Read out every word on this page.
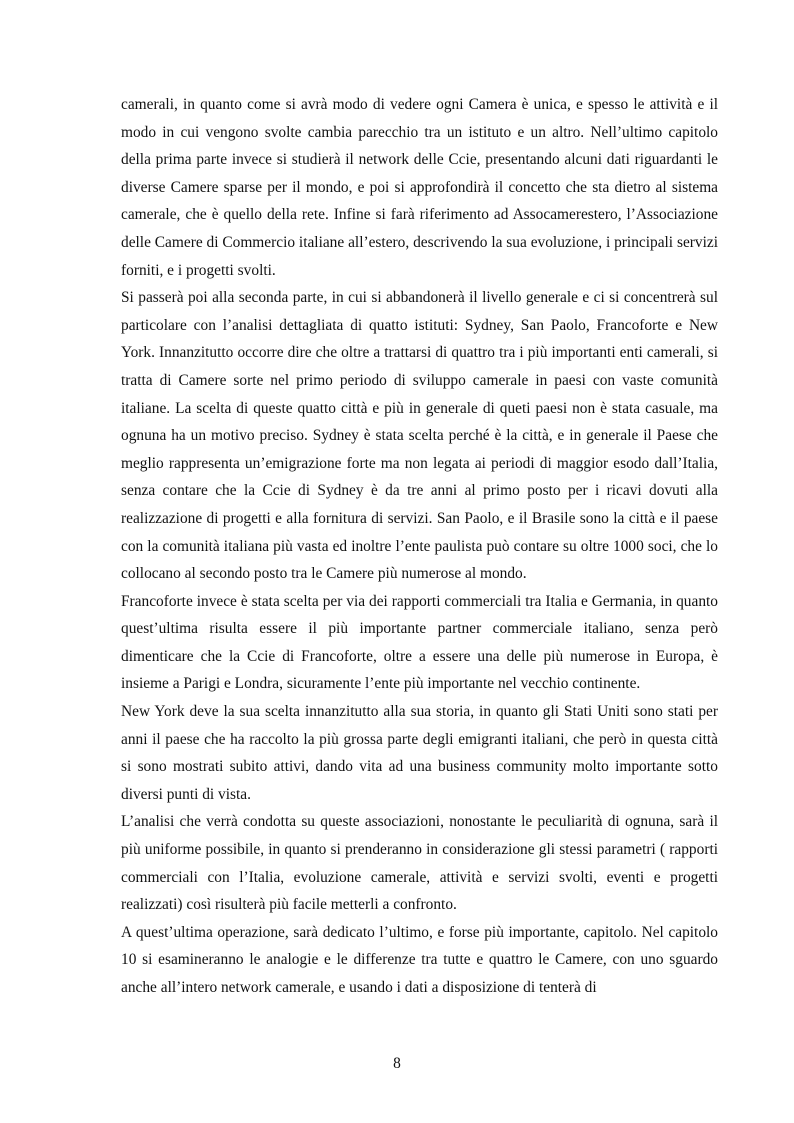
camerali, in quanto come si avrà modo di vedere ogni Camera è unica, e spesso le attività e il modo in cui vengono svolte cambia parecchio tra un istituto e un altro. Nell’ultimo capitolo della prima parte invece si studierà il network delle Ccie, presentando alcuni dati riguardanti le diverse Camere sparse per il mondo, e poi si approfondirà il concetto che sta dietro al sistema camerale, che è quello della rete. Infine si farà riferimento ad Assocamerestero, l’Associazione delle Camere di Commercio italiane all’estero, descrivendo la sua evoluzione, i principali servizi forniti, e i progetti svolti.

Si passerà poi alla seconda parte, in cui si abbandonerà il livello generale e ci si concentrerà sul particolare con l’analisi dettagliata di quatto istituti: Sydney, San Paolo, Francoforte e New York. Innanzitutto occorre dire che oltre a trattarsi di quattro tra i più importanti enti camerali, si tratta di Camere sorte nel primo periodo di sviluppo camerale in paesi con vaste comunità italiane. La scelta di queste quatto città e più in generale di queti paesi non è stata casuale, ma ognuna ha un motivo preciso. Sydney è stata scelta perché è la città, e in generale il Paese che meglio rappresenta un’emigrazione forte ma non legata ai periodi di maggior esodo dall’Italia, senza contare che la Ccie di Sydney è da tre anni al primo posto per i ricavi dovuti alla realizzazione di progetti e alla fornitura di servizi. San Paolo, e il Brasile sono la città e il paese con la comunità italiana più vasta ed inoltre l’ente paulista può contare su oltre 1000 soci, che lo collocano al secondo posto tra le Camere più numerose al mondo.

Francoforte invece è stata scelta per via dei rapporti commerciali tra Italia e Germania, in quanto quest’ultima risulta essere il più importante partner commerciale italiano, senza però dimenticare che la Ccie di Francoforte, oltre a essere una delle più numerose in Europa, è insieme a Parigi e Londra, sicuramente l’ente più importante nel vecchio continente.

New York deve la sua scelta innanzitutto alla sua storia, in quanto gli Stati Uniti sono stati per anni il paese che ha raccolto la più grossa parte degli emigranti italiani, che però in questa città si sono mostrati subito attivi, dando vita ad una business community molto importante sotto diversi punti di vista.

L’analisi che verrà condotta su queste associazioni, nonostante le peculiarità di ognuna, sarà il più uniforme possibile, in quanto si prenderanno in considerazione gli stessi parametri ( rapporti commerciali con l’Italia, evoluzione camerale, attività e servizi svolti, eventi e progetti realizzati) così risulterà più facile metterli a confronto.

A quest’ultima operazione, sarà dedicato l’ultimo, e forse più importante, capitolo. Nel capitolo 10 si esamineranno le analogie e le differenze tra tutte e quattro le Camere, con uno sguardo anche all’intero network camerale, e usando i dati a disposizione di tenterà di

8
